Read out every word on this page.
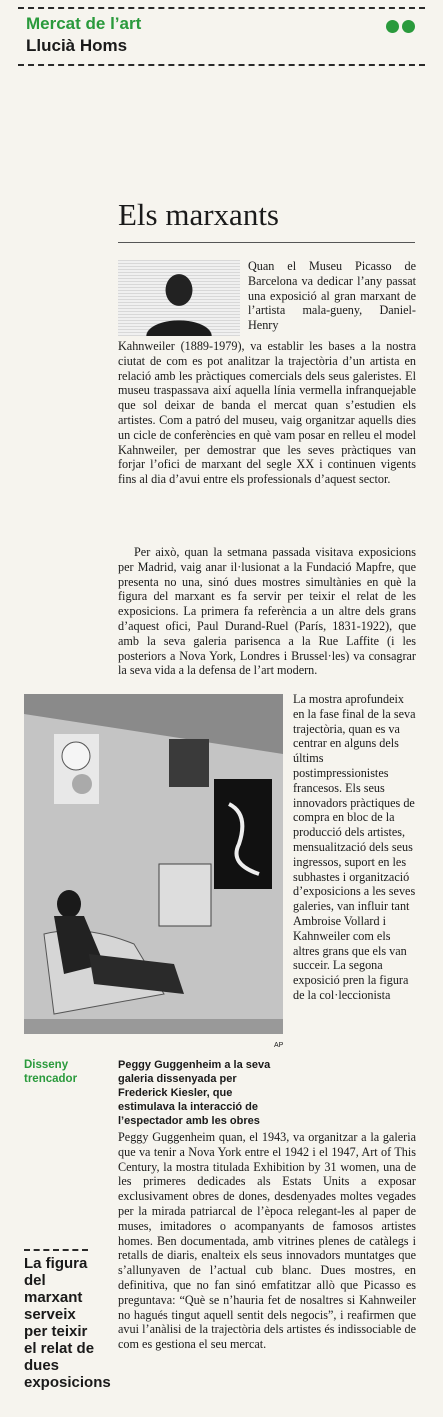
Mercat de l’art
Llucià Homs
Els marxants

Quan el Museu Picasso de Barcelona va dedicar l’any passat una exposició al gran marxant de l’artista mala-gueny, Daniel-Henry

Kahnweiler (1889-1979), va establir les bases a la nostra ciutat de com es pot analitzar la trajectòria d’un artista en relació amb les pràctiques comercials dels seus galeristes. El museu traspassava així aquella línia vermella infranquejable que sol deixar de banda el mercat quan s’estudien els artistes. Com a patró del museu, vaig organitzar aquells dies un cicle de conferències en què vam posar en relleu el model Kahnweiler, per demostrar que les seves pràctiques van forjar l’ofici de marxant del segle XX i continuen vigents fins al dia d’avui entre els professionals d’aquest sector.

Per això, quan la setmana passada visitava exposicions per Madrid, vaig anar il·lusionat a la Fundació Mapfre, que presenta no una, sinó dues mostres simultànies en què la figura del marxant es fa servir per teixir el relat de les exposicions. La primera fa referència a un altre dels grans d’aquest ofici, Paul Durand-Ruel (París, 1831-1922), que amb la seva galeria parisenca a la Rue Laffite (i les posteriors a Nova York, Londres i Brussel·les) va consagrar la seva vida a la defensa de l’art modern.

AP

La mostra aprofundeix en la fase final de la seva trajectòria, quan es va centrar en alguns dels últims postimpressionistes francesos. Els seus innovadors pràctiques de compra en bloc de la producció dels artistes, mensualització dels seus ingressos, suport en les subhastes i organització d’exposicions a les seves galeries, van influir tant Ambroise Vollard i Kahnweiler com els altres grans que els van succeir. La segona exposició pren la figura de la col·leccionista

Disseny trencador
Peggy Guggenheim a la seva galeria dissenyada per Frederick Kiesler, que estimulava la interacció de l’espectador amb les obres

Peggy Guggenheim quan, el 1943, va organitzar a la galeria que va tenir a Nova York entre el 1942 i el 1947, Art of This Century, la mostra titulada Exhibition by 31 women, una de les primeres dedicades als Estats Units a exposar exclusivament obres de dones, desdenyades moltes vegades per la mirada patriarcal de l’època relegant-les al paper de muses, imitadores o acompanyants de famosos artistes homes. Ben documentada, amb vitrines plenes de catàlegs i retalls de diaris, enalteix els seus innovadors muntatges que s’allunyaven de l’actual cub blanc. Dues mostres, en definitiva, que no fan sinó emfatitzar allò que Picasso es preguntava: “Què se n’hauria fet de nosaltres si Kahnweiler no hagués tingut aquell sentit dels negocis”, i reafirmen que avui l’anàlisi de la trajectòria dels artistes és indissociable de com es gestiona el seu mercat.

La figura del marxant serveix per teixir el relat de dues exposicions
